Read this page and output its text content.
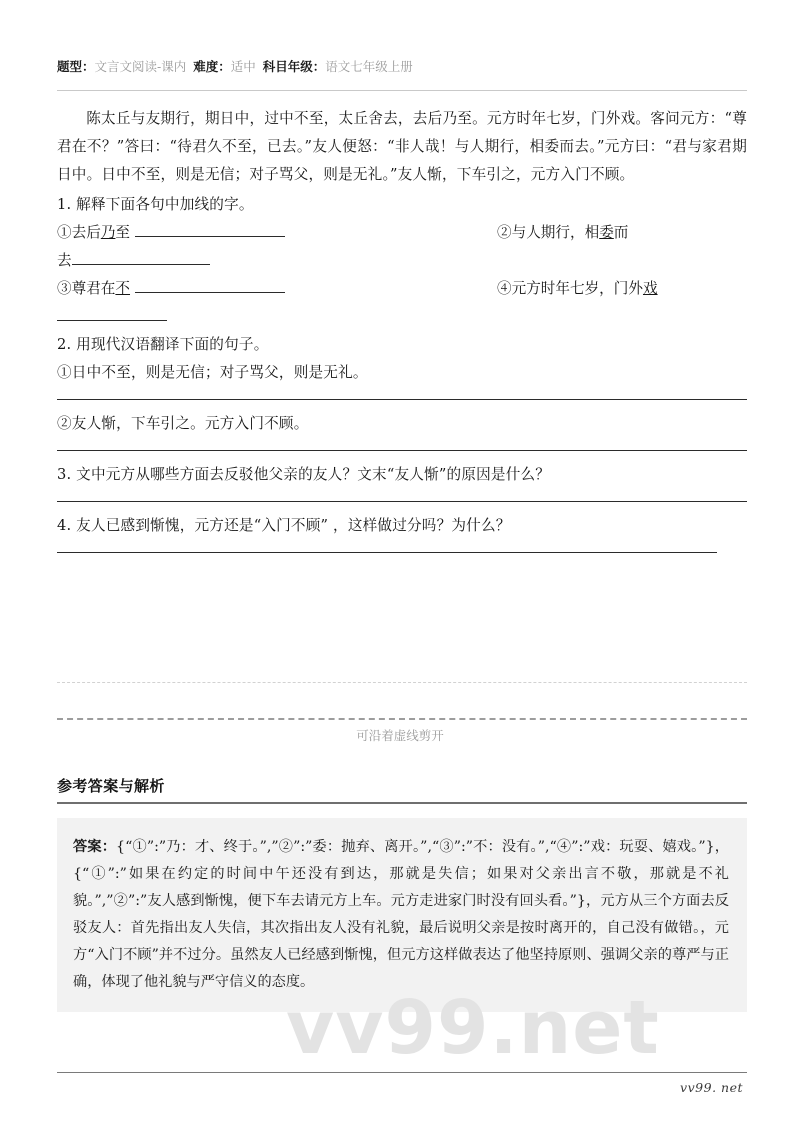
题型：文言文阅读-课内 难度：适中 科目年级：语文七年级上册

陈太丘与友期行，期日中，过中不至，太丘舍去，去后乃至。元方时年七岁，门外戏。客问元方：“尊君在不？”答曰：“待君久不至，已去。”友人便怒：“非人哉！与人期行，相委而去。”元方曰：“君与家君期日中。日中不至，则是无信；对子骂父，则是无礼。”友人惭，下车引之，元方入门不顾。

1. 解释下面各句中加线的字。

①去后乃至	②与人期行，相委而
去
③尊君在不	④元方时年七岁，门外戏

2. 用现代汉语翻译下面的句子。

①日中不至，则是无信；对子骂父，则是无礼。

②友人惭，下车引之。元方入门不顾。

3. 文中元方从哪些方面去反驳他父亲的友人？文末“友人惭”的原因是什么？

4. 友人已感到惭愧，元方还是“入门不顾” ，这样做过分吗？为什么？

可沿着虚线剪开
参考答案与解析

答案：{“①”:”乃：才、终于。”,”②”:”委：抛弃、离开。”,“③”:”不：没有。”,“④”:”戏：玩耍、嬉戏。”}，{“①”:”如果在约定的时间中午还没有到达，那就是失信；如果对父亲出言不敬，那就是不礼貌。”,”②”:”友人感到惭愧，便下车去请元方上车。元方走进家门时没有回头看。”}，元方从三个方面去反驳友人：首先指出友人失信，其次指出友人没有礼貌，最后说明父亲是按时离开的，自己没有做错。，元方“入门不顾”并不过分。虽然友人已经感到惭愧，但元方这样做表达了他坚持原则、强调父亲的尊严与正确，体现了他礼貌与严守信义的态度。

vv99.net
vv99. net
